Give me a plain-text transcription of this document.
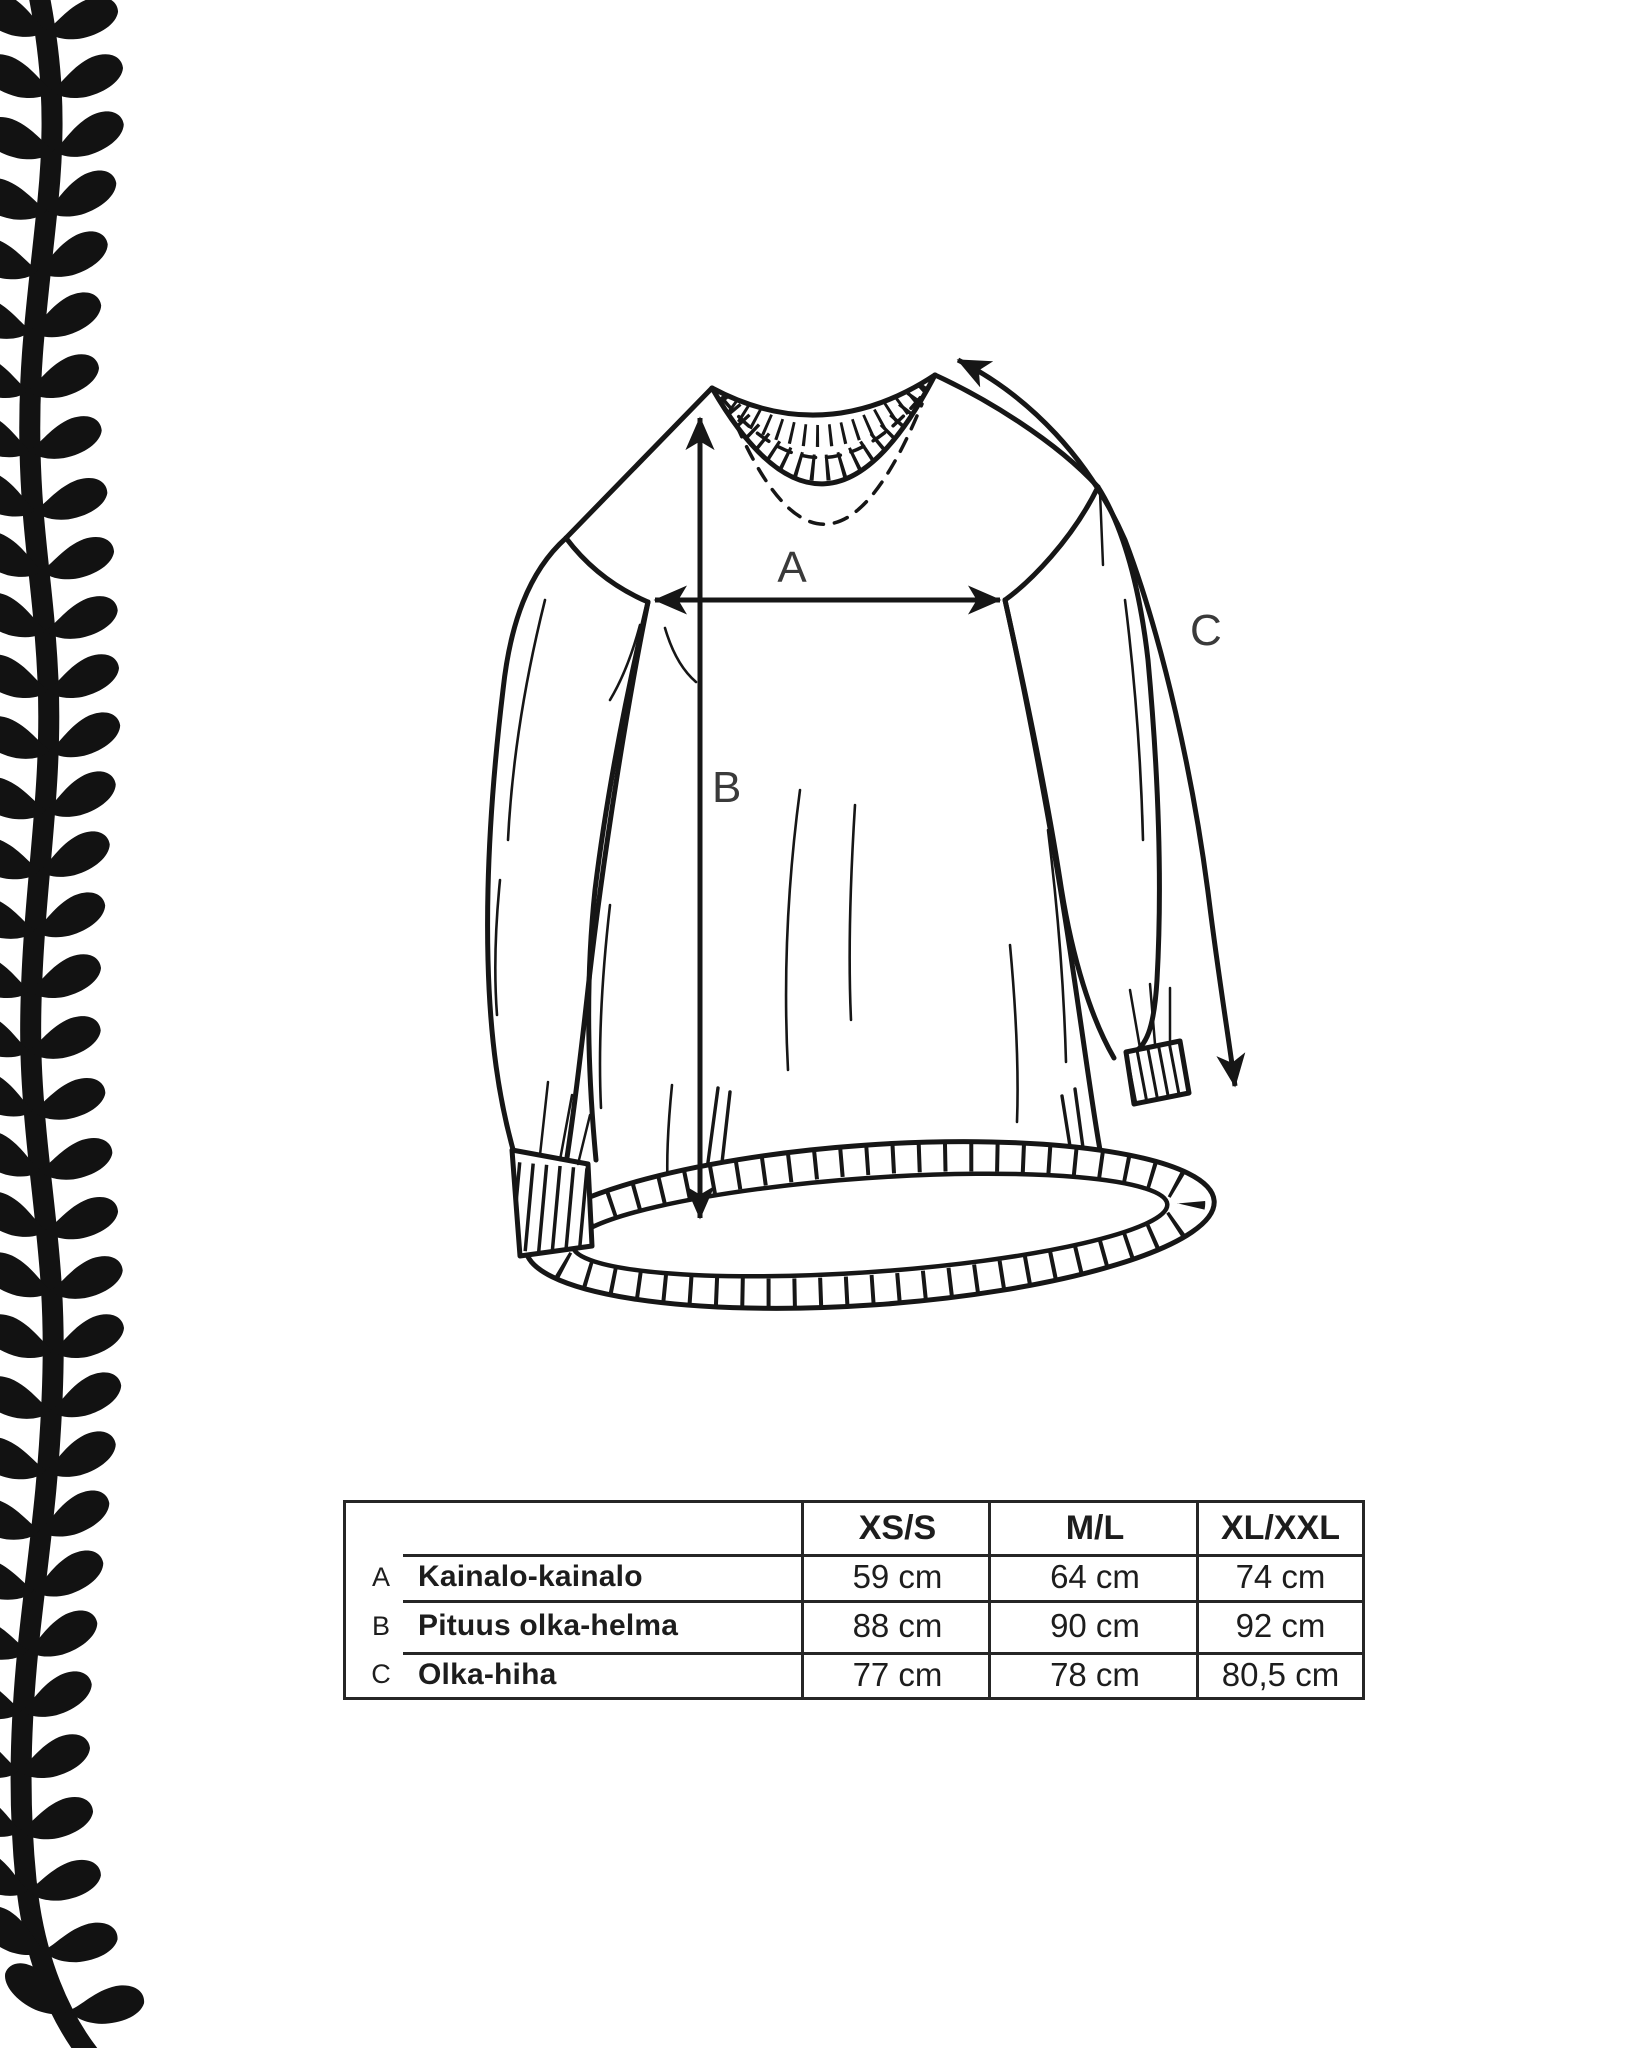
A
B
C
XS/S	M/L	XL/XXL
A Kainalo-kainalo	59 cm	64 cm	74 cm
B Pituus olka-helma	88 cm	90 cm	92 cm
C Olka-hiha	77 cm	78 cm	80,5 cm
